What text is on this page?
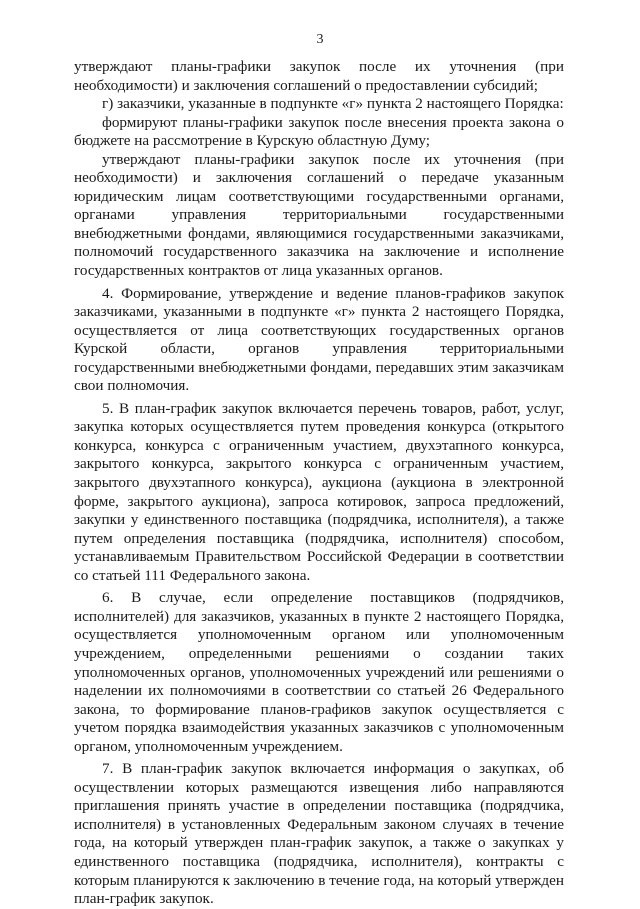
3

утверждают планы-графики закупок после их уточнения (при необходимости) и заключения соглашений о предоставлении субсидий;

г) заказчики, указанные в подпункте «г» пункта 2 настоящего Порядка:

формируют планы-графики закупок после внесения проекта закона о бюджете на рассмотрение в Курскую областную Думу;

утверждают планы-графики закупок после их уточнения (при необходимости) и заключения соглашений о передаче указанным юридическим лицам соответствующими государственными органами, органами управления территориальными государственными внебюджетными фондами, являющимися государственными заказчиками, полномочий государственного заказчика на заключение и исполнение государственных контрактов от лица указанных органов.

4. Формирование, утверждение и ведение планов-графиков закупок заказчиками, указанными в подпункте «г» пункта 2 настоящего Порядка, осуществляется от лица соответствующих государственных органов Курской области, органов управления территориальными государственными внебюджетными фондами, передавших этим заказчикам свои полномочия.

5. В план-график закупок включается перечень товаров, работ, услуг, закупка которых осуществляется путем проведения конкурса (открытого конкурса, конкурса с ограниченным участием, двухэтапного конкурса, закрытого конкурса, закрытого конкурса с ограниченным участием, закрытого двухэтапного конкурса), аукциона (аукциона в электронной форме, закрытого аукциона), запроса котировок, запроса предложений, закупки у единственного поставщика (подрядчика, исполнителя), а также путем определения поставщика (подрядчика, исполнителя) способом, устанавливаемым Правительством Российской Федерации в соответствии со статьей 111 Федерального закона.

6. В случае, если определение поставщиков (подрядчиков, исполнителей) для заказчиков, указанных в пункте 2 настоящего Порядка, осуществляется уполномоченным органом или уполномоченным учреждением, определенными решениями о создании таких уполномоченных органов, уполномоченных учреждений или решениями о наделении их полномочиями в соответствии со статьей 26 Федерального закона, то формирование планов-графиков закупок осуществляется с учетом порядка взаимодействия указанных заказчиков с уполномоченным органом, уполномоченным учреждением.

7. В план-график закупок включается информация о закупках, об осуществлении которых размещаются извещения либо направляются приглашения принять участие в определении поставщика (подрядчика, исполнителя) в установленных Федеральным законом случаях в течение года, на который утвержден план-график закупок, а также о закупках у единственного поставщика (подрядчика, исполнителя), контракты с которым планируются к заключению в течение года, на который утвержден план-график закупок.
